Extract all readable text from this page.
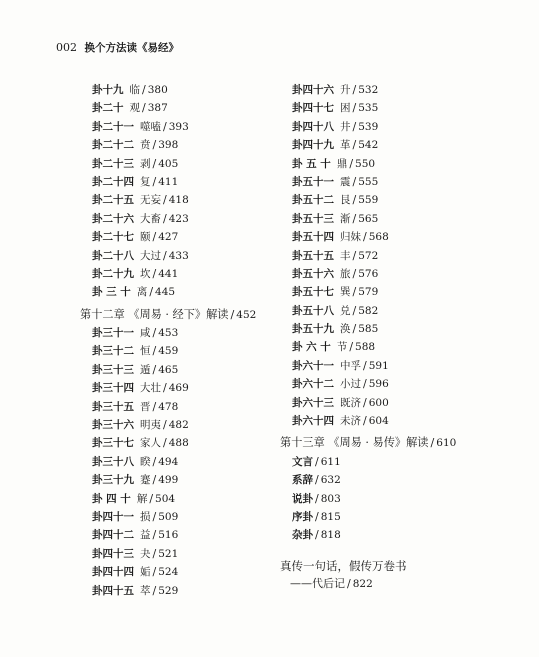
002 换个方法读《易经》
卦十九 临 / 380
卦二十 观 / 387
卦二十一 噬嗑 / 393
卦二十二 贲 / 398
卦二十三 剥 / 405
卦二十四 复 / 411
卦二十五 无妄 / 418
卦二十六 大畜 / 423
卦二十七 颐 / 427
卦二十八 大过 / 433
卦二十九 坎 / 441
卦 三 十 离 / 445
第十二章 《周易 · 经下》解读 / 452
卦三十一 咸 / 453
卦三十二 恒 / 459
卦三十三 遁 / 465
卦三十四 大壮 / 469
卦三十五 晋 / 478
卦三十六 明夷 / 482
卦三十七 家人 / 488
卦三十八 睽 / 494
卦三十九 蹇 / 499
卦 四 十 解 / 504
卦四十一 损 / 509
卦四十二 益 / 516
卦四十三 夬 / 521
卦四十四 姤 / 524
卦四十五 萃 / 529
卦四十六 升 / 532
卦四十七 困 / 535
卦四十八 井 / 539
卦四十九 革 / 542
卦 五 十 鼎 / 550
卦五十一 震 / 555
卦五十二 艮 / 559
卦五十三 渐 / 565
卦五十四 归妹 / 568
卦五十五 丰 / 572
卦五十六 旅 / 576
卦五十七 巽 / 579
卦五十八 兑 / 582
卦五十九 涣 / 585
卦 六 十 节 / 588
卦六十一 中孚 / 591
卦六十二 小过 / 596
卦六十三 既济 / 600
卦六十四 未济 / 604
第十三章 《周易 · 易传》解读 / 610
文言 / 611
系辞 / 632
说卦 / 803
序卦 / 815
杂卦 / 818
真传一句话，假传万卷书
——代后记 / 822
